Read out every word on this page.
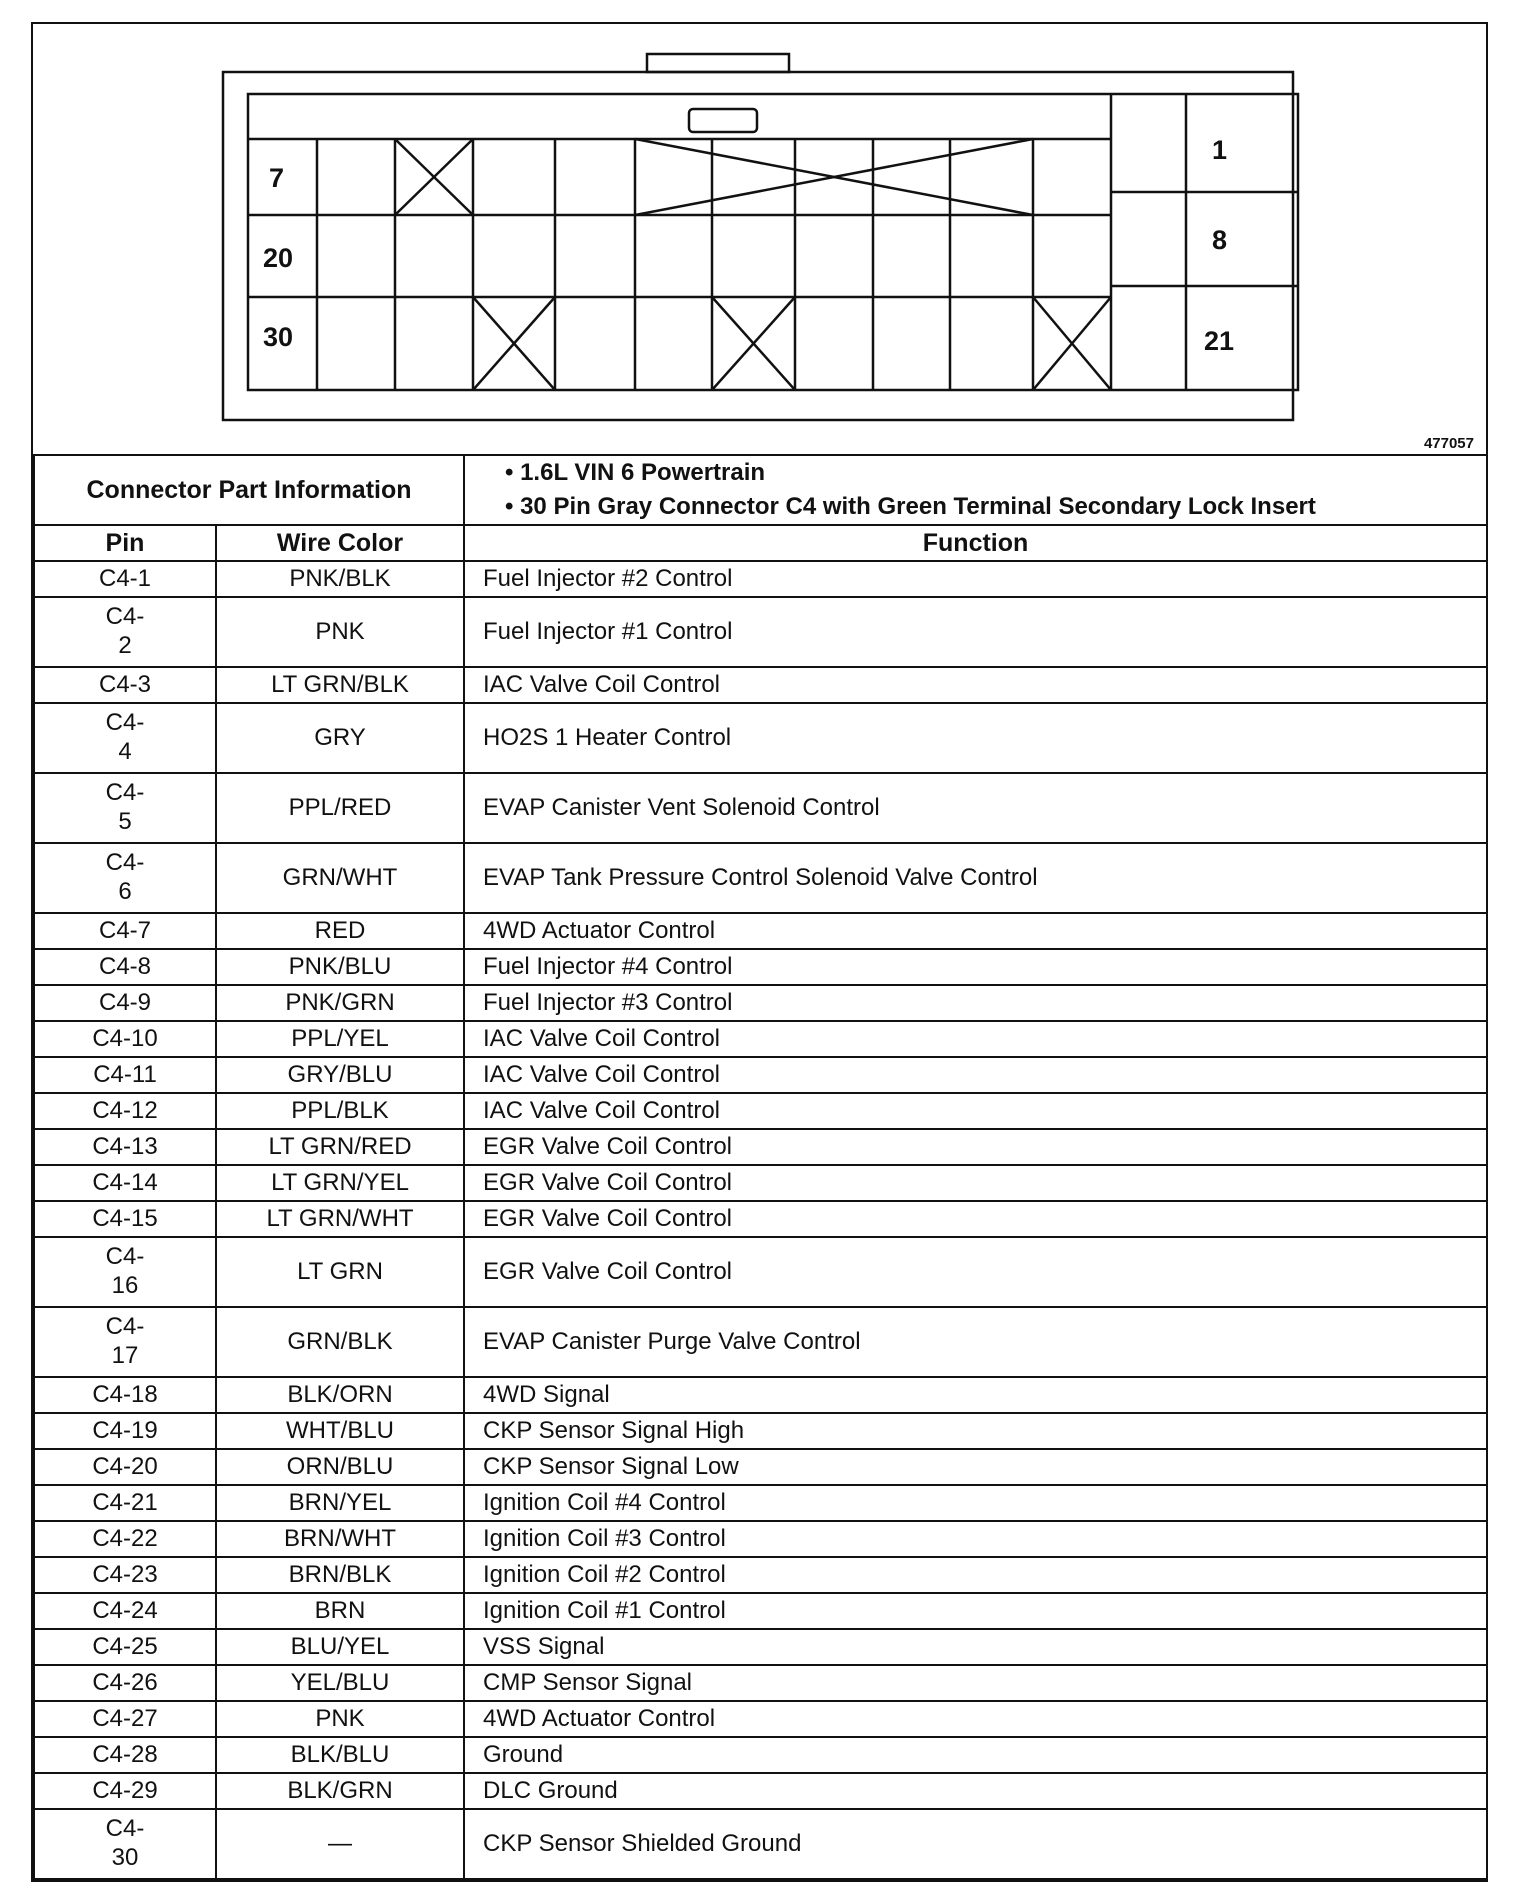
7
20
30
1
8
21
477057
Connector Part Information		• 1.6L VIN 6 Powertrain
• 30 Pin Gray Connector C4 with Green Terminal Secondary Lock Insert

Pin	Wire Color	Function
C4-1	PNK/BLK	Fuel Injector #2 Control
C4-
2	PNK	Fuel Injector #1 Control
C4-3	LT GRN/BLK	IAC Valve Coil Control
C4-
4	GRY	HO2S 1 Heater Control
C4-
5	PPL/RED	EVAP Canister Vent Solenoid Control
C4-
6	GRN/WHT	EVAP Tank Pressure Control Solenoid Valve Control
C4-7	RED	4WD Actuator Control
C4-8	PNK/BLU	Fuel Injector #4 Control
C4-9	PNK/GRN	Fuel Injector #3 Control
C4-10	PPL/YEL	IAC Valve Coil Control
C4-11	GRY/BLU	IAC Valve Coil Control
C4-12	PPL/BLK	IAC Valve Coil Control
C4-13	LT GRN/RED	EGR Valve Coil Control
C4-14	LT GRN/YEL	EGR Valve Coil Control
C4-15	LT GRN/WHT	EGR Valve Coil Control
C4-
16	LT GRN	EGR Valve Coil Control
C4-
17	GRN/BLK	EVAP Canister Purge Valve Control
C4-18	BLK/ORN	4WD Signal
C4-19	WHT/BLU	CKP Sensor Signal High
C4-20	ORN/BLU	CKP Sensor Signal Low
C4-21	BRN/YEL	Ignition Coil #4 Control
C4-22	BRN/WHT	Ignition Coil #3 Control
C4-23	BRN/BLK	Ignition Coil #2 Control
C4-24	BRN	Ignition Coil #1 Control
C4-25	BLU/YEL	VSS Signal
C4-26	YEL/BLU	CMP Sensor Signal
C4-27	PNK	4WD Actuator Control
C4-28	BLK/BLU	Ground
C4-29	BLK/GRN	DLC Ground
C4-
30	—	CKP Sensor Shielded Ground
